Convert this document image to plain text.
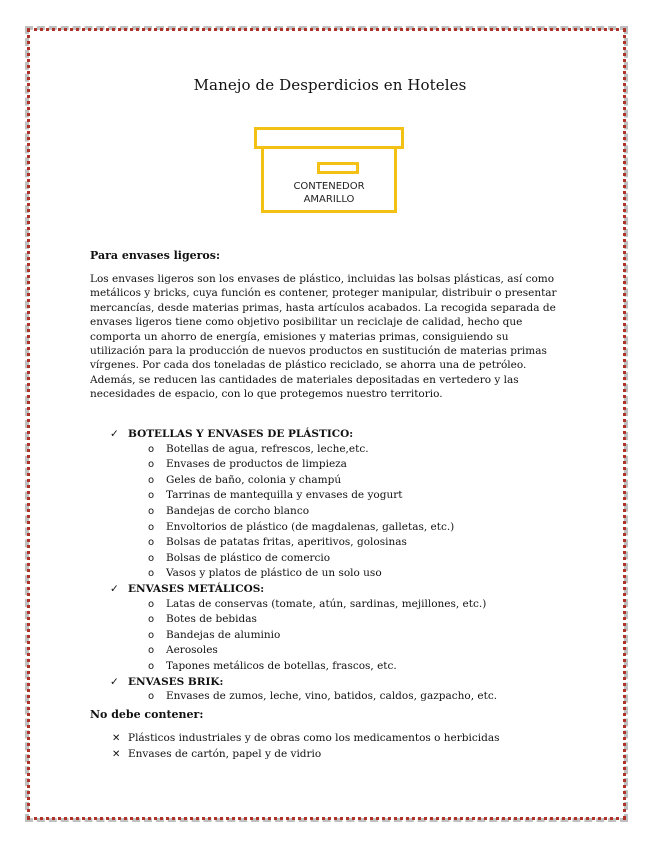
Manejo de Desperdicios en Hoteles
CONTENEDOR
AMARILLO
Para envases ligeros:

Los envases ligeros son los envases de plástico, incluidas las bolsas plásticas, así como metálicos y bricks, cuya función es contener, proteger manipular, distribuir o presentar mercancías, desde materias primas, hasta artículos acabados. La recogida separada de envases ligeros tiene como objetivo posibilitar un reciclaje de calidad, hecho que comporta un ahorro de energía, emisiones y materias primas, consiguiendo su utilización para la producción de nuevos productos en sustitución de materias primas vírgenes. Por cada dos toneladas de plástico reciclado, se ahorra una de petróleo. Además, se reducen las cantidades de materiales depositadas en vertedero y las necesidades de espacio, con lo que protegemos nuestro territorio.

✓ BOTELLAS Y ENVASES DE PLÁSTICO:
o Botellas de agua, refrescos, leche,etc.
o Envases de productos de limpieza
o Geles de baño, colonia y champú
o Tarrinas de mantequilla y envases de yogurt
o Bandejas de corcho blanco
o Envoltorios de plástico (de magdalenas, galletas, etc.)
o Bolsas de patatas fritas, aperitivos, golosinas
o Bolsas de plástico de comercio
o Vasos y platos de plástico de un solo uso
✓ ENVASES METÁLICOS:
o Latas de conservas (tomate, atún, sardinas, mejillones, etc.)
o Botes de bebidas
o Bandejas de aluminio
o Aerosoles
o Tapones metálicos de botellas, frascos, etc.
✓ ENVASES BRIK:
o Envases de zumos, leche, vino, batidos, caldos, gazpacho, etc.
No debe contener:
✕ Plásticos industriales y de obras como los medicamentos o herbicidas
✕ Envases de cartón, papel y de vidrio
